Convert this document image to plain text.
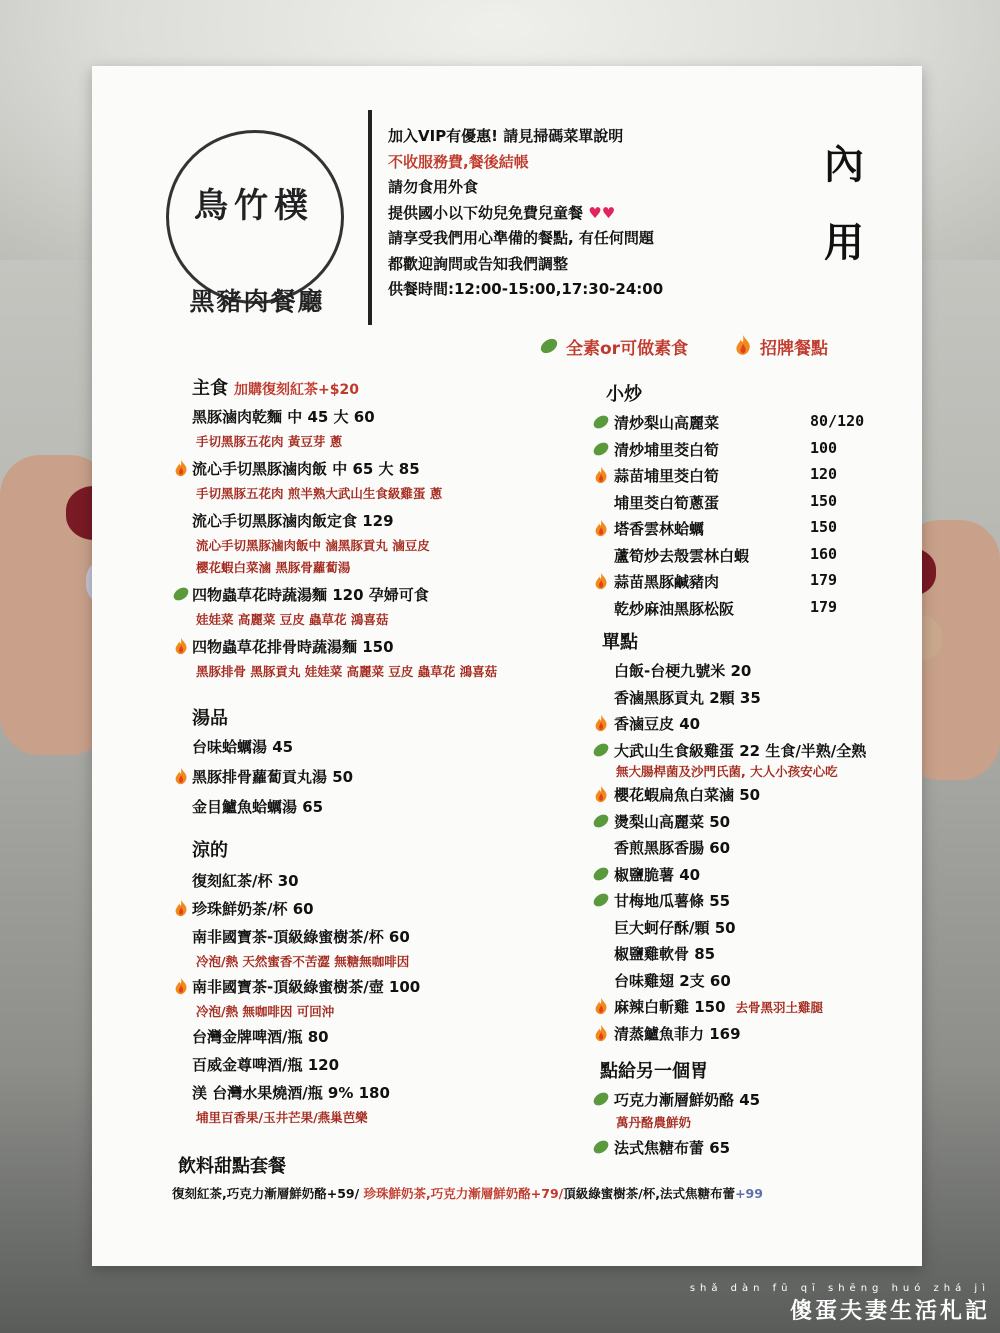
鳥竹樸
黑豬肉餐廳
加入VIP有優惠! 請見掃碼菜單說明
不收服務費,餐後結帳
請勿食用外食
提供國小以下幼兒免費兒童餐 ♥♥
請享受我們用心準備的餐點, 有任何問題
都歡迎詢問或告知我們調整
供餐時間:12:00-15:00,17:30-24:00
內用
全素or可做素食	招牌餐點
主食 加購復刻紅茶+$20
黑豚滷肉乾麵 中 45 大 60
手切黑豚五花肉 黃豆芽 蔥
流心手切黑豚滷肉飯 中 65 大 85
手切黑豚五花肉 煎半熟大武山生食級雞蛋 蔥
流心手切黑豚滷肉飯定食 129
流心手切黑豚滷肉飯中 滷黑豚貢丸 滷豆皮
櫻花蝦白菜滷 黑豚骨蘿蔔湯
四物蟲草花時蔬湯麵 120 孕婦可食
娃娃菜 高麗菜 豆皮 蟲草花 鴻喜菇
四物蟲草花排骨時蔬湯麵 150
黑豚排骨 黑豚貢丸 娃娃菜 高麗菜 豆皮 蟲草花 鴻喜菇
湯品
台味蛤蠣湯 45
黑豚排骨蘿蔔貢丸湯 50
金目鱸魚蛤蠣湯 65
涼的
復刻紅茶/杯 30
珍珠鮮奶茶/杯 60
南非國寶茶-頂級綠蜜樹茶/杯 60
冷泡/熱 天然蜜香不苦澀 無糖無咖啡因
南非國寶茶-頂級綠蜜樹茶/壺 100
冷泡/熱 無咖啡因 可回沖
台灣金牌啤酒/瓶 80
百威金尊啤酒/瓶 120
渼 台灣水果燒酒/瓶 9% 180
埔里百香果/玉井芒果/燕巢芭樂
小炒
清炒梨山高麗菜	80/120
清炒埔里茭白筍	100
蒜苗埔里茭白筍	120
埔里茭白筍蔥蛋	150
塔香雲林蛤蠣	150
蘆筍炒去殼雲林白蝦	160
蒜苗黑豚鹹豬肉	179
乾炒麻油黑豚松阪	179
單點
白飯-台梗九號米 20
香滷黑豚貢丸 2顆 35
香滷豆皮 40
大武山生食級雞蛋 22 生食/半熟/全熟
無大腸桿菌及沙門氏菌, 大人小孩安心吃
櫻花蝦扁魚白菜滷 50
燙梨山高麗菜 50
香煎黑豚香腸 60
椒鹽脆薯 40
甘梅地瓜薯條 55
巨大蚵仔酥/顆 50
椒鹽雞軟骨 85
台味雞翅 2支 60
麻辣白斬雞 150 去骨黑羽土雞腿
清蒸鱸魚菲力 169
點給另一個胃
巧克力漸層鮮奶酪 45
萬丹酪農鮮奶
法式焦糖布蕾 65
飲料甜點套餐
復刻紅茶,巧克力漸層鮮奶酪+59/ 珍珠鮮奶茶,巧克力漸層鮮奶酪+79/頂級綠蜜樹茶/杯,法式焦糖布蕾+99
shǎ dàn fū qī shēng huó zhá jì
傻蛋夫妻生活札記
